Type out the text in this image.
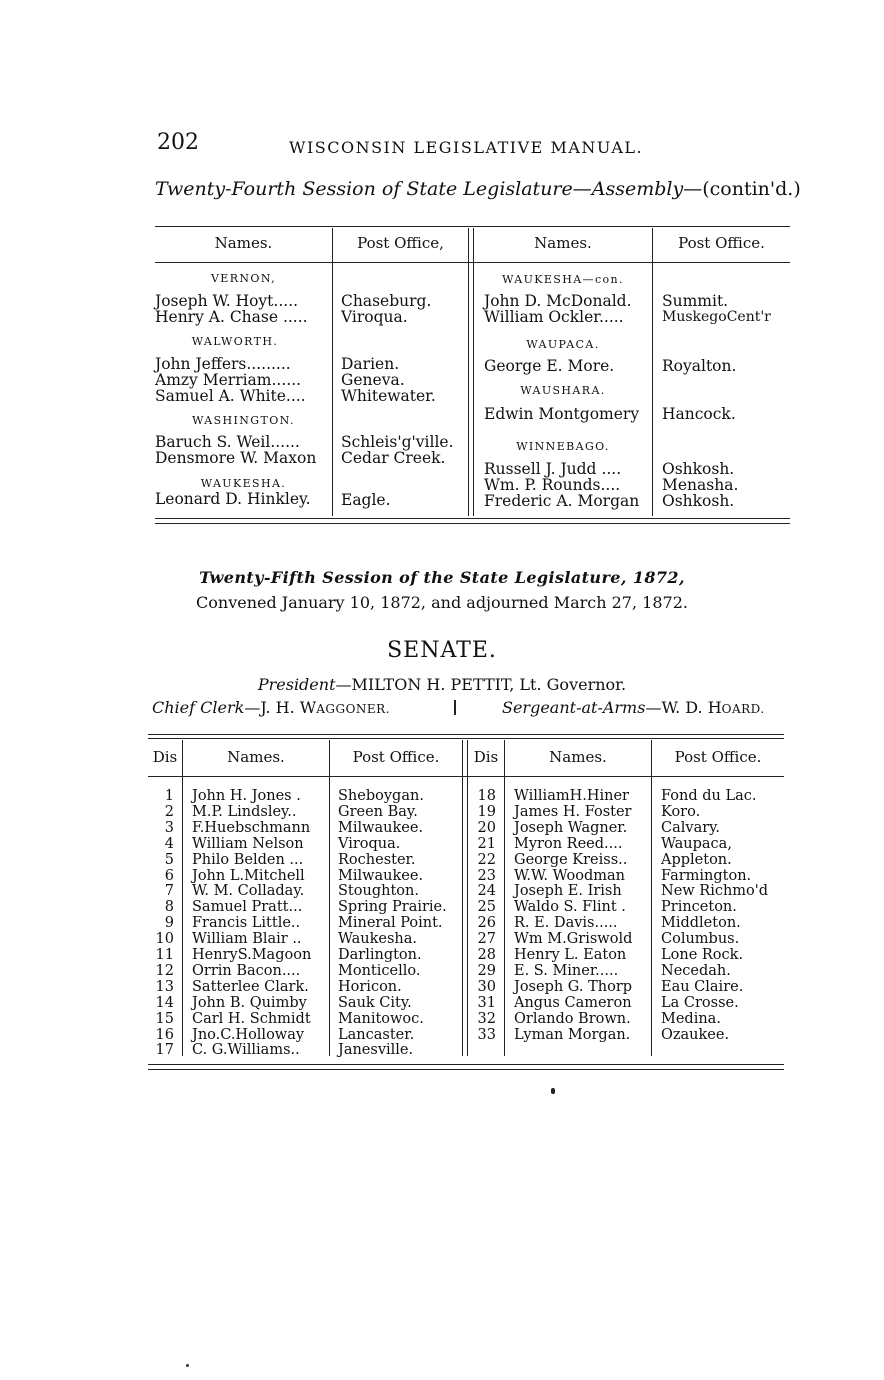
202	WISCONSIN LEGISLATIVE MANUAL.
Twenty-Fourth Session of State Legislature—Assembly—(contin'd.)
Names.	Post Office,	Names.	Post Office.
VERNON,
Joseph W. Hoyt.....	Chaseburg.
Henry A. Chase ..... Viroqua.
WALWORTH.
John Jeffers.........	Darien.
Amzy Merriam......	Geneva.
Samuel A. White.... Whitewater.
WASHINGTON.
Baruch S. Weil......	Schleis'g'ville.
Densmore W. Maxon Cedar Creek.
WAUKESHA.
Leonard D. Hinkley. Eagle.
WAUKESHA—con.
John D. McDonald. Summit.
William Ockler.....	MuskegoCent'r
WAUPACA.
George E. More.	Royalton.
WAUSHARA.
Edwin Montgomery Hancock.
WINNEBAGO.
Russell J. Judd ....	Oshkosh.
Wm. P. Rounds....	Menasha.
Frederic A. Morgan Oshkosh.
Twenty-Fifth Session of the State Legislature, 1872,
Convened January 10, 1872, and adjourned March 27, 1872.
SENATE.
President—MILTON H. PETTIT, Lt. Governor.
Chief Clerk—J. H. WAGGONER.	Sergeant-at-Arms—W. D. HOARD.
Dis	Names.	Post Office.	Dis	Names.	Post Office.
1 John H. Jones .	Sheboygan.
2 M.P. Lindsley..	Green Bay.
3 F.Huebschmann Milwaukee.
4 William Nelson Viroqua.
5 Philo Belden ... Rochester.
6 John L.Mitchell Milwaukee.
7 W. M. Colladay. Stoughton.
8 Samuel Pratt... Spring Prairie.
9 Francis Little..	Mineral Point.
10 William Blair ..	Waukesha.
11 HenryS.Magoon Darlington.
12 Orrin Bacon....	Monticello.
13 Satterlee Clark. Horicon.
14 John B. Quimby Sauk City.
15 Carl H. Schmidt Manitowoc.
16 Jno.C.Holloway Lancaster.
17 C. G.Williams..	Janesville.
18 WilliamH.Hiner Fond du Lac.
19 James H. Foster Koro.
20 Joseph Wagner. Calvary.
21 Myron Reed....	Waupaca,
22 George Kreiss.. Appleton.
23 W.W. Woodman Farmington.
24 Joseph E. Irish	New Richmo'd
25 Waldo S. Flint . Princeton.
26 R. E. Davis.....	Middleton.
27 Wm M.Griswold Columbus.
28 Henry L. Eaton Lone Rock.
29 E. S. Miner.....	Necedah.
30 Joseph G. Thorp Eau Claire.
31 Angus Cameron La Crosse.
32 Orlando Brown. Medina.
33 Lyman Morgan. Ozaukee.
